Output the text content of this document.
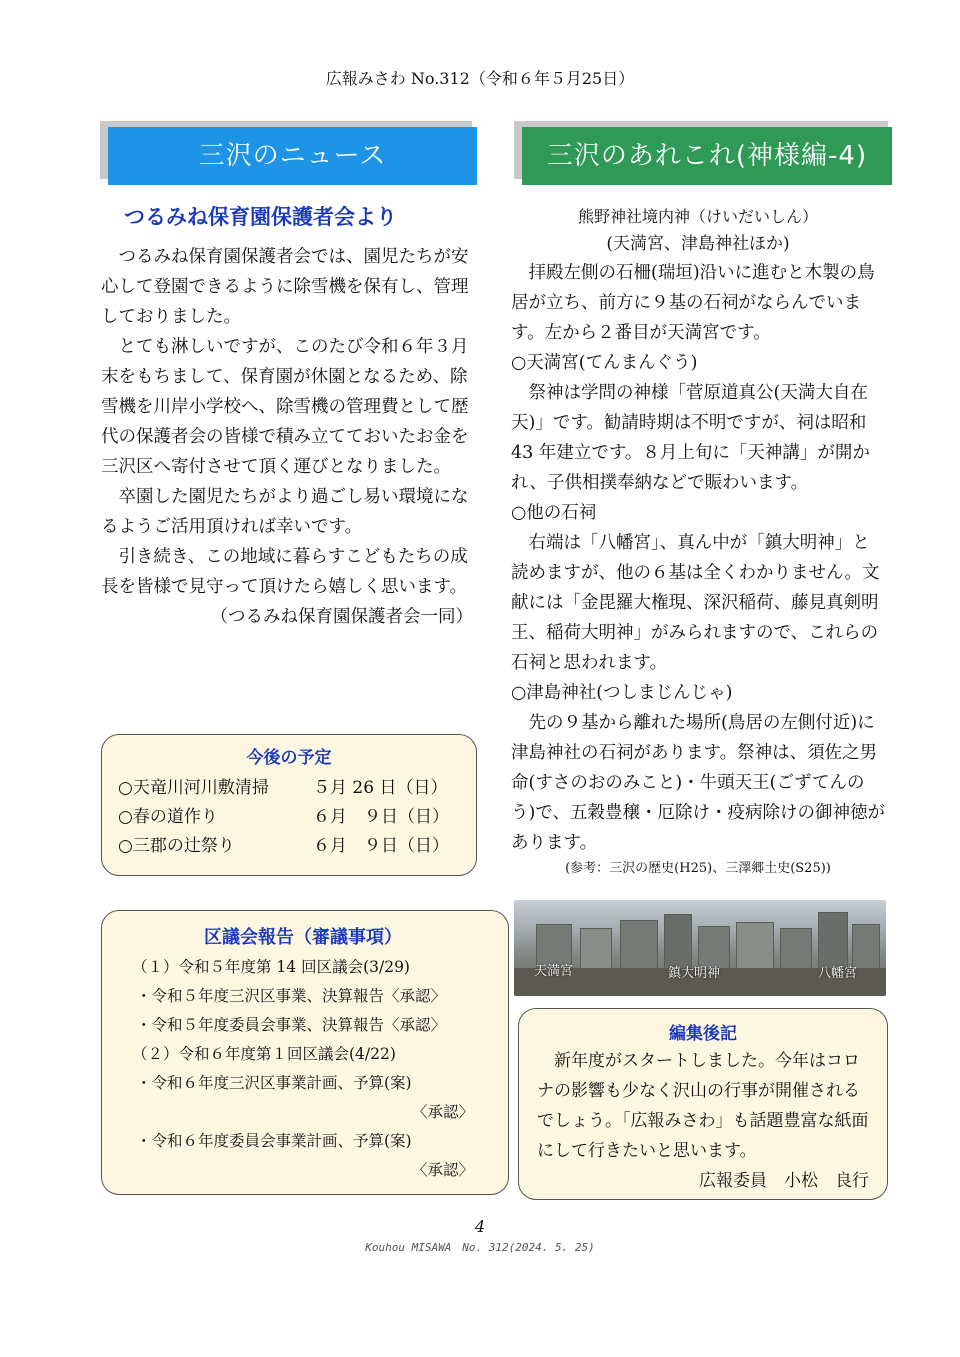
広報みさわ No.312（令和６年５月25日）
三沢のニュース
つるみね保育園保護者会より

つるみね保育園保護者会では、園児たちが安心して登園できるように除雪機を保有し、管理しておりました。

とても淋しいですが、このたび令和６年３月末をもちまして、保育園が休園となるため、除雪機を川岸小学校へ、除雪機の管理費として歴代の保護者会の皆様で積み立てておいたお金を三沢区へ寄付させて頂く運びとなりました。

卒園した園児たちがより過ごし易い環境になるようご活用頂ければ幸いです。

引き続き、この地域に暮らすこどもたちの成長を皆様で見守って頂けたら嬉しく思います。

（つるみね保育園保護者会一同）
今後の予定
○天竜川河川敷清掃	５月 26 日（日）
○春の道作り	６月　９日（日）
○三郡の辻祭り	６月　９日（日）
区議会報告（審議事項）
（１）令和５年度第 14 回区議会(3/29)
・令和５年度三沢区事業、決算報告〈承認〉
・令和５年度委員会事業、決算報告〈承認〉
（２）令和６年度第１回区議会(4/22)
・令和６年度三沢区事業計画、予算(案)
〈承認〉
・令和６年度委員会事業計画、予算(案)
〈承認〉
三沢のあれこれ(神様編-4)
熊野神社境内神（けいだいしん）
(天満宮、津島神社ほか)

拝殿左側の石柵(瑞垣)沿いに進むと木製の鳥居が立ち、前方に９基の石祠がならんでいます。左から２番目が天満宮です。

○天満宮(てんまんぐう)

祭神は学問の神様「菅原道真公(天満大自在天)」です。勧請時期は不明ですが、祠は昭和 43 年建立です。８月上旬に「天神講」が開かれ、子供相撲奉納などで賑わいます。

○他の石祠

右端は「八幡宮」、真ん中が「鎮大明神」と読めますが、他の６基は全くわかりません。文献には「金毘羅大権現、深沢稲荷、藤見真剣明王、稲荷大明神」がみられますので、これらの石祠と思われます。

○津島神社(つしまじんじゃ)

先の９基から離れた場所(鳥居の左側付近)に津島神社の石祠があります。祭神は、須佐之男命(すさのおのみこと)・牛頭天王(ごずてんのう)で、五穀豊穣・厄除け・疫病除けの御神徳があります。

(参考：三沢の歴史(H25)、三澤郷土史(S25))
天満宮	鎮大明神	八幡宮
編集後記

新年度がスタートしました。今年はコロナの影響も少なく沢山の行事が開催されるでしょう。「広報みさわ」も話題豊富な紙面にして行きたいと思います。

広報委員　小松　良行
4
Kouhou MISAWA　No. 312(2024. 5. 25)
